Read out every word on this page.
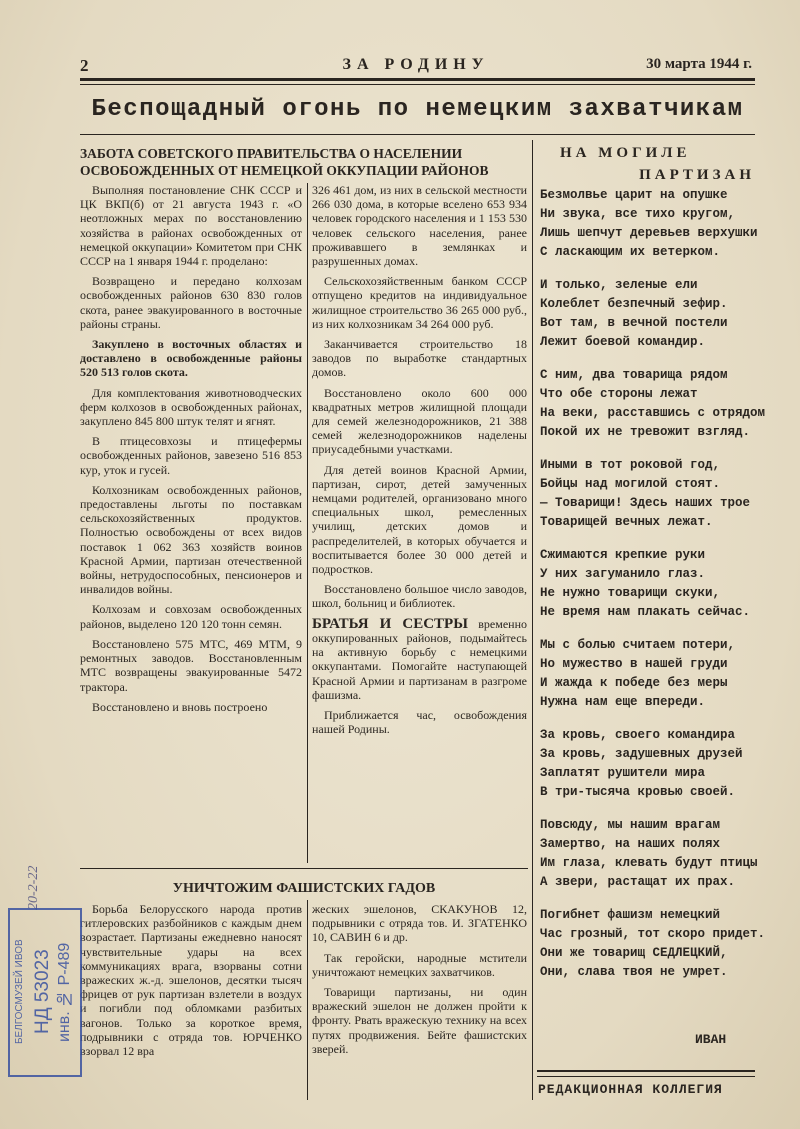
2	ЗА РОДИНУ	30 марта 1944 г.
Беспощадный огонь по немецким захватчикам
ЗАБОТА СОВЕТСКОГО ПРАВИТЕЛЬСТВА О НАСЕЛЕНИИ
ОСВОБОЖДЕННЫХ ОТ НЕМЕЦКОЙ ОККУПАЦИИ РАЙОНОВ

Выполняя постановление СНК СССР и ЦК ВКП(б) от 21 августа 1943 г. «О неотложных мерах по восстановлению хозяйства в районах освобожденных от немецкой оккупации» Комитетом при СНК СССР на 1 января 1944 г. проделано:

Возвращено и передано колхозам освобожденных районов 630 830 голов скота, ранее эвакуированного в восточные районы страны.

Закуплено в восточных областях и доставлено в освобожденные районы 520 513 голов скота.

Для комплектования животноводческих ферм колхозов в освобожденных районах, закуплено 845 800 штук телят и ягнят.

В птицесовхозы и птицефермы освобожденных районов, завезено 516 853 кур, уток и гусей.

Колхозникам освобожденных районов, предоставлены льготы по поставкам сельскохозяйственных продуктов. Полностью освобождены от всех видов поставок 1 062 363 хозяйств воинов Красной Армии, партизан отечественной войны, нетрудоспособных, пенсионеров и инвалидов войны.

Колхозам и совхозам освобожденных районов, выделено 120 120 тонн семян.

Восстановлено 575 МТС, 469 МТМ, 9 ремонтных заводов. Восстановленным МТС возвращены эвакуированные 5472 трактора.

Восстановлено и вновь построено

326 461 дом, из них в сельской местности 266 030 дома, в которые вселено 653 934 человек городского населения и 1 153 530 человек сельского населения, ранее проживавшего в землянках и разрушенных домах.

Сельскохозяйственным банком СССР отпущено кредитов на индивидуальное жилищное строительство 36 265 000 руб., из них колхозникам 34 264 000 руб.

Заканчивается строительство 18 заводов по выработке стандартных домов.

Восстановлено около 600 000 квадратных метров жилищной площади для семей железнодорожников, 21 388 семей железнодорожников наделены приусадебными участками.

Для детей воинов Красной Армии, партизан, сирот, детей замученных немцами родителей, организовано много специальных школ, ремесленных училищ, детских домов и распределителей, в которых обучается и воспитывается более 30 000 детей и подростков.

Восстановлено большое число заводов, школ, больниц и библиотек.

БРАТЬЯ И СЕСТРЫ временно оккупированных районов, подымайтесь на активную борьбу с немецкими оккупантами. Помогайте наступающей Красной Армии и партизанам в разгроме фашизма.

Приближается час, освобождения нашей Родины.

НА МОГИЛЕ
ПАРТИЗАН
Безмолвье царит на опушке
Ни звука, все тихо кругом,
Лишь шепчут деревьев верхушки
С ласкающим их ветерком.
И только, зеленые ели
Колеблет безпечный зефир.
Вот там, в вечной постели
Лежит боевой командир.
С ним, два товарища рядом
Что обе стороны лежат
На веки, расставшись с отрядом
Покой их не тревожит взгляд.
Иными в тот роковой год,
Бойцы над могилой стоят.
— Товарищи! Здесь наших трое
Товарищей вечных лежат.
Сжимаются крепкие руки
У них загуманило глаз.
Не нужно товарищи скуки,
Не время нам плакать сейчас.
Мы с болью считаем потери,
Но мужество в нашей груди
И жажда к победе без меры
Нужна нам еще впереди.
За кровь, своего командира
За кровь, задушевных друзей
Заплатят рушители мира
В три-тысяча кровью своей.
Повсюду, мы нашим врагам
Замертво, на наших полях
Им глаза, клевать будут птицы
А звери, растащат их прах.
Погибнет фашизм немецкий
Час грозный, тот скоро придет.
Они же товарищ СЕДЛЕЦКИЙ,
Они, слава твоя не умрет.
ИВАН
РЕДАКЦИОННАЯ КОЛЛЕГИЯ
УНИЧТОЖИМ ФАШИСТСКИХ ГАДОВ

Борьба Белорусского народа против гитлеровских разбойников с каждым днем возрастает. Партизаны ежедневно наносят чувствительные удары на всех коммуникациях врага, взорваны сотни вражеских ж.-д. эшелонов, десятки тысяч фрицев от рук партизан взлетели в воздух и погибли под обломками разбитых вагонов. Только за короткое время, подрывники с отряда тов. ЮРЧЕНКО взорвал 12 вра

жеских эшелонов, СКАКУНОВ 12, подрывники с отряда тов. И. ЗГАТЕНКО 10, САВИН 6 и др.

Так геройски, народные мстители уничтожают немецких захватчиков.

Товарищи партизаны, ни один вражеский эшелон не должен пройти к фронту. Рвать вражескую технику на всех путях продвижения. Бейте фашистских зверей.

20-2-22
БЕЛГОСМУЗЕЙ ИВОВ НД 53023 инв. № Р-489
